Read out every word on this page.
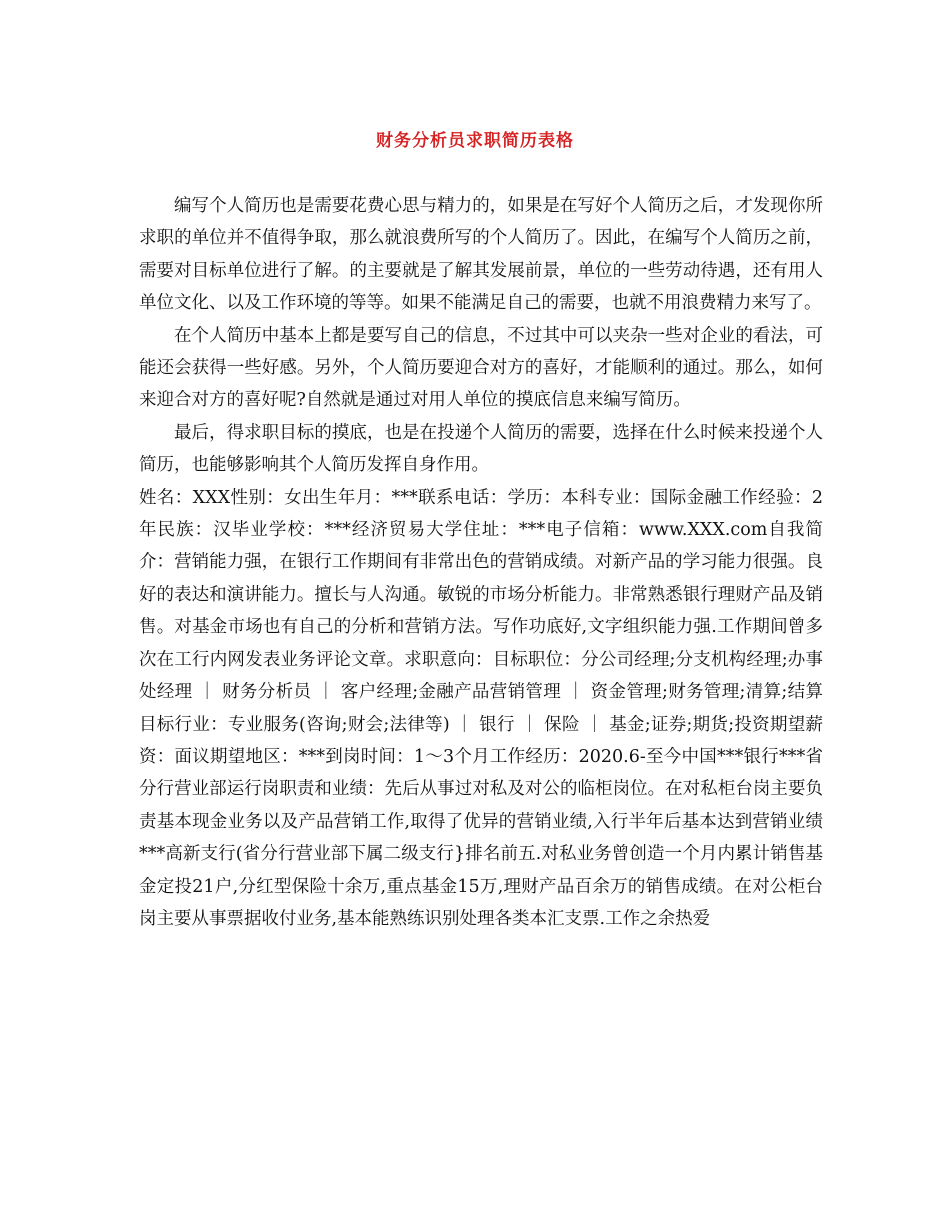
财务分析员求职简历表格

编写个人简历也是需要花费心思与精力的，如果是在写好个人简历之后，才发现你所求职的单位并不值得争取，那么就浪费所写的个人简历了。因此，在编写个人简历之前，需要对目标单位进行了解。的主要就是了解其发展前景，单位的一些劳动待遇，还有用人单位文化、以及工作环境的等等。如果不能满足自己的需要，也就不用浪费精力来写了。

在个人简历中基本上都是要写自己的信息，不过其中可以夹杂一些对企业的看法，可能还会获得一些好感。另外，个人简历要迎合对方的喜好，才能顺利的通过。那么，如何来迎合对方的喜好呢?自然就是通过对用人单位的摸底信息来编写简历。

最后，得求职目标的摸底，也是在投递个人简历的需要，选择在什么时候来投递个人简历，也能够影响其个人简历发挥自身作用。

姓名：XXX性别：女出生年月：***联系电话：学历：本科专业：国际金融工作经验：2年民族：汉毕业学校：***经济贸易大学住址：***电子信箱：www.XXX.com自我简介：营销能力强，在银行工作期间有非常出色的营销成绩。对新产品的学习能力很强。良好的表达和演讲能力。擅长与人沟通。敏锐的市场分析能力。非常熟悉银行理财产品及销售。对基金市场也有自己的分析和营销方法。写作功底好,文字组织能力强.工作期间曾多次在工行内网发表业务评论文章。求职意向：目标职位：分公司经理;分支机构经理;办事处经理 ｜ 财务分析员 ｜ 客户经理;金融产品营销管理 ｜ 资金管理;财务管理;清算;结算目标行业：专业服务(咨询;财会;法律等) ｜ 银行 ｜ 保险 ｜ 基金;证券;期货;投资期望薪资：面议期望地区：***到岗时间：1～3个月工作经历：2020.6-至今中国***银行***省分行营业部运行岗职责和业绩：先后从事过对私及对公的临柜岗位。在对私柜台岗主要负责基本现金业务以及产品营销工作,取得了优异的营销业绩,入行半年后基本达到营销业绩***高新支行(省分行营业部下属二级支行}排名前五.对私业务曾创造一个月内累计销售基金定投21户,分红型保险十余万,重点基金15万,理财产品百余万的销售成绩。在对公柜台岗主要从事票据收付业务,基本能熟练识别处理各类本汇支票.工作之余热爱
